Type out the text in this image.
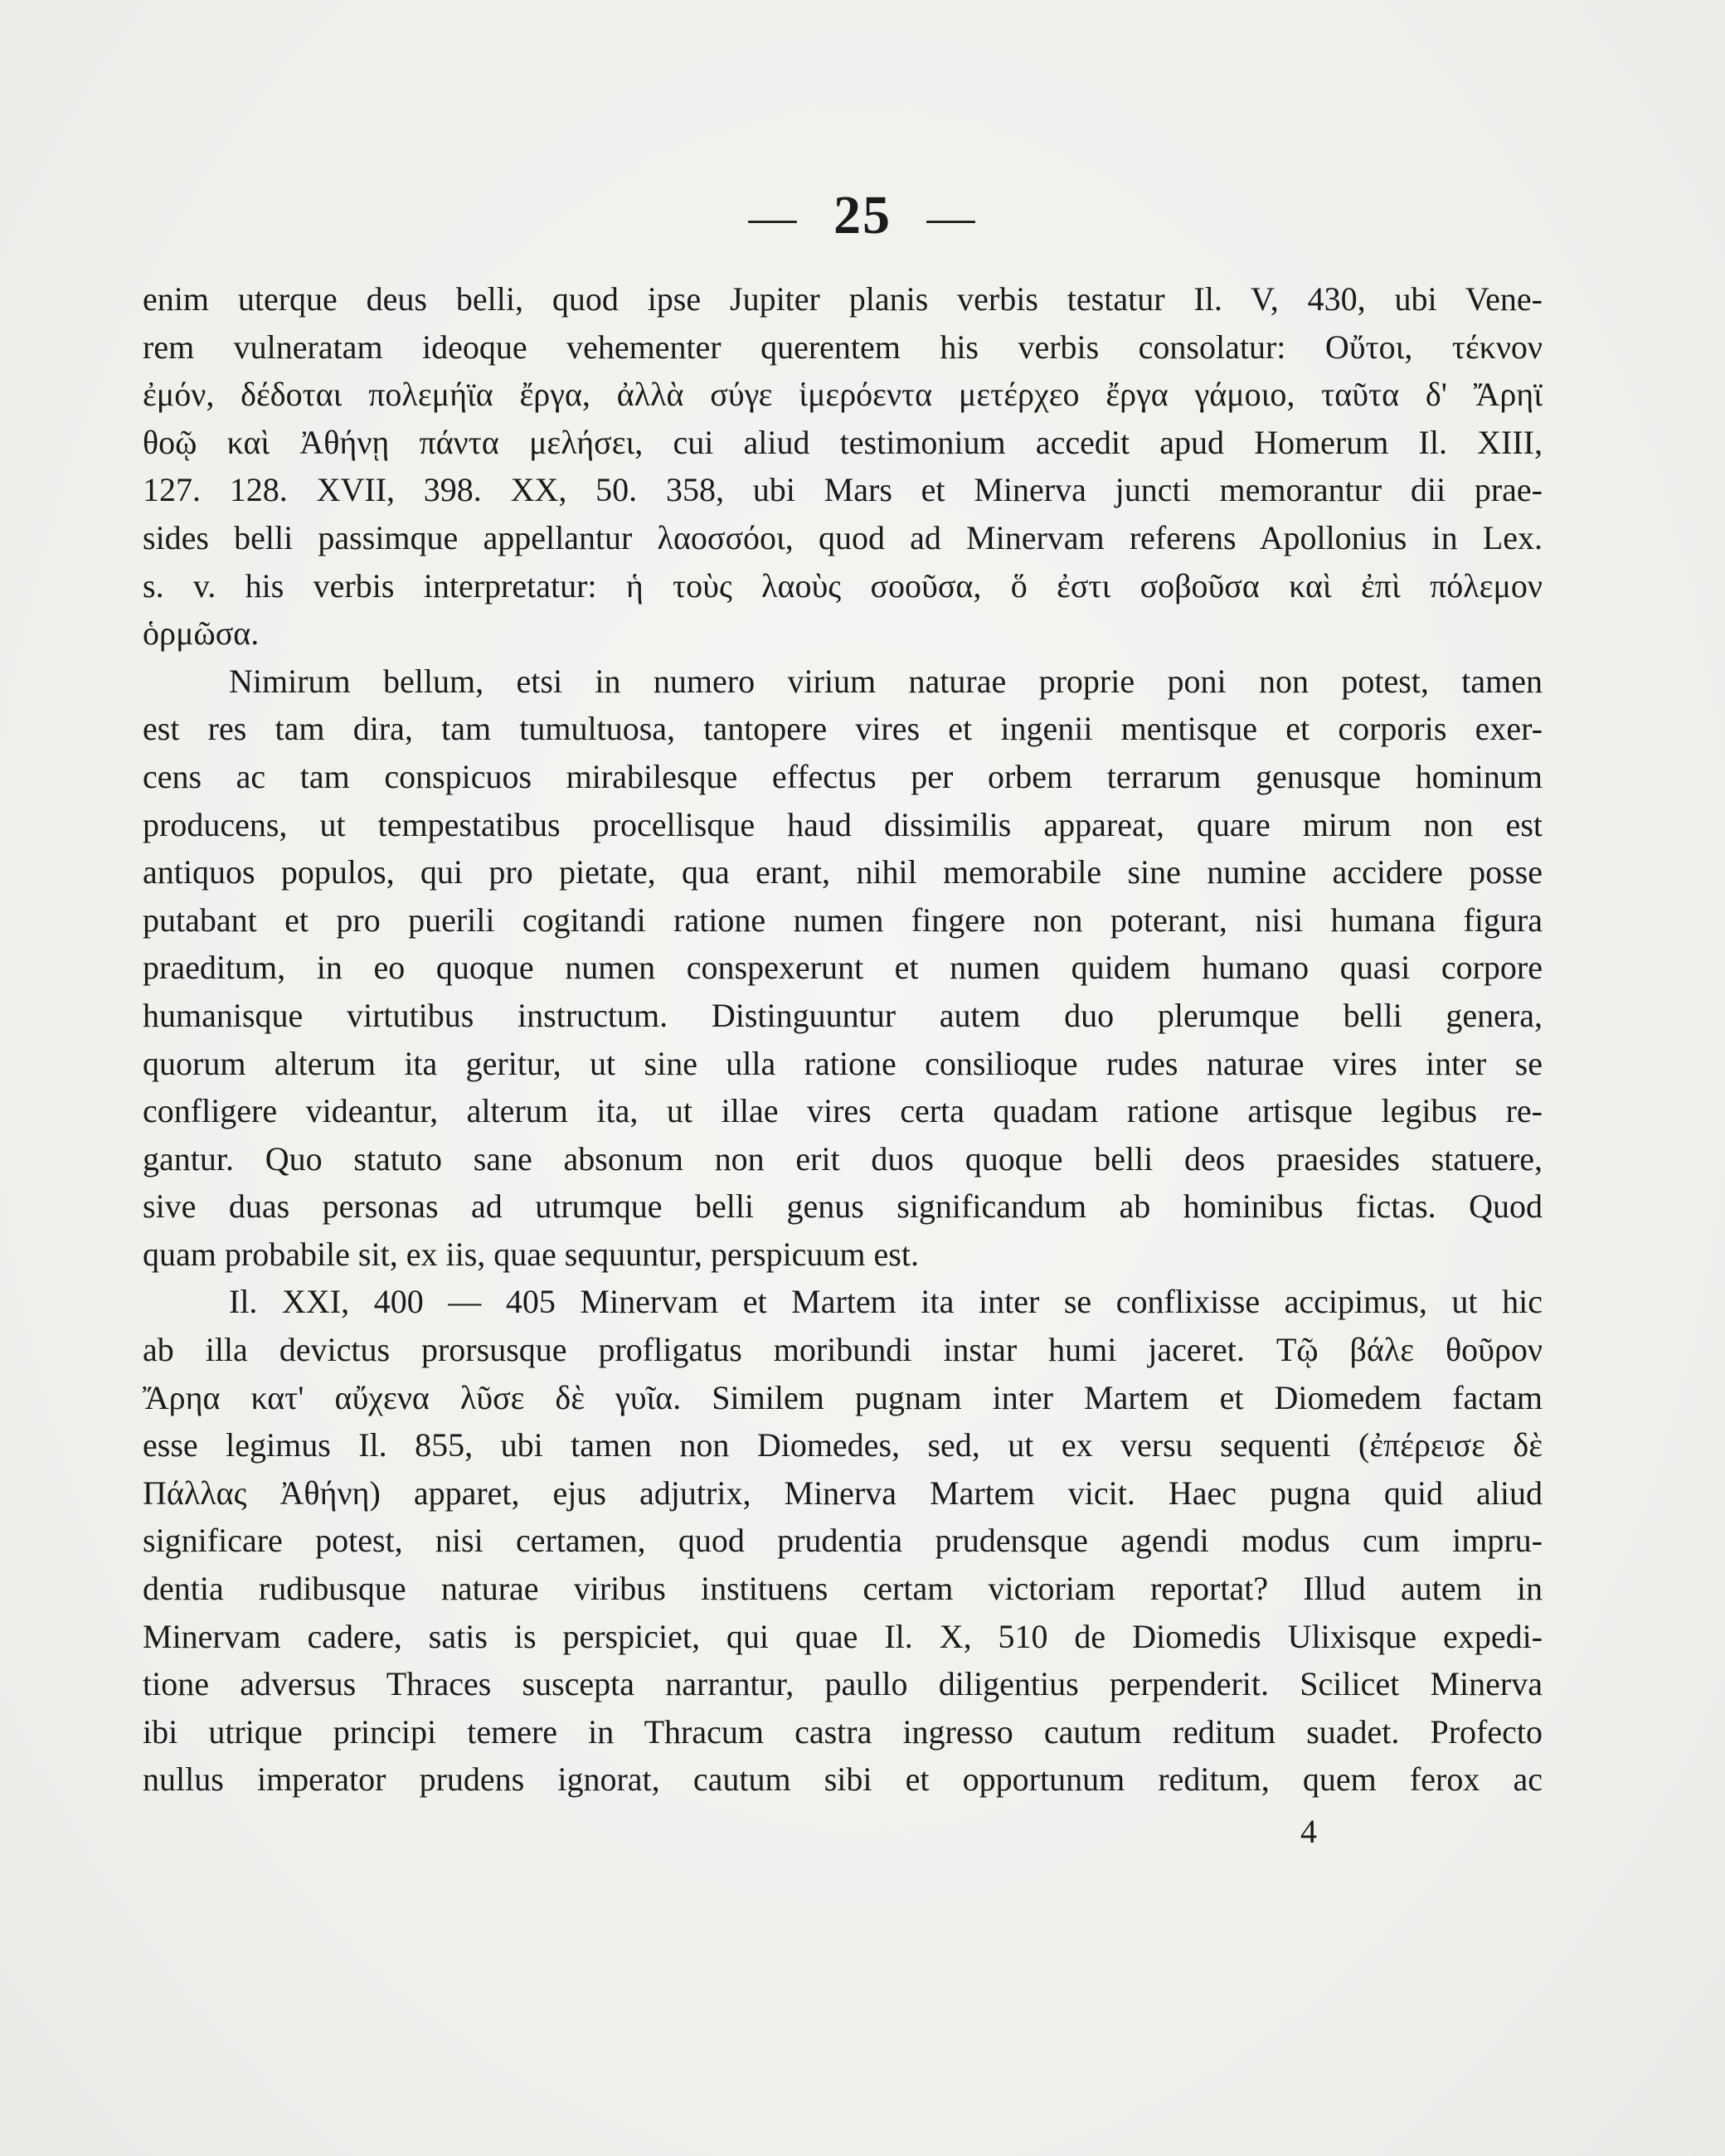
— 25 —
enim uterque deus belli, quod ipse Jupiter planis verbis testatur Il. V, 430, ubi Vene-
rem vulneratam ideoque vehementer querentem his verbis consolatur: Οὔτοι, τέκνον
ἐμόν, δέδοται πολεμήϊα ἔργα, ἀλλὰ σύγε ἱμερόεντα μετέρχεο ἔργα γάμοιο, ταῦτα δ' Ἄρηϊ
θοῷ καὶ Ἀθήνῃ πάντα μελήσει, cui aliud testimonium accedit apud Homerum Il. XIII,
127. 128. XVII, 398. XX, 50. 358, ubi Mars et Minerva juncti memorantur dii prae-
sides belli passimque appellantur λαοσσόοι, quod ad Minervam referens Apollonius in Lex.
s. v. his verbis interpretatur: ἡ τοὺς λαοὺς σοοῦσα, ὅ ἐστι σοβοῦσα καὶ ἐπὶ πόλεμον
ὁρμῶσα.
Nimirum bellum, etsi in numero virium naturae proprie poni non potest, tamen
est res tam dira, tam tumultuosa, tantopere vires et ingenii mentisque et corporis exer-
cens ac tam conspicuos mirabilesque effectus per orbem terrarum genusque hominum
producens, ut tempestatibus procellisque haud dissimilis appareat, quare mirum non est
antiquos populos, qui pro pietate, qua erant, nihil memorabile sine numine accidere posse
putabant et pro puerili cogitandi ratione numen fingere non poterant, nisi humana figura
praeditum, in eo quoque numen conspexerunt et numen quidem humano quasi corpore
humanisque virtutibus instructum. Distinguuntur autem duo plerumque belli genera,
quorum alterum ita geritur, ut sine ulla ratione consilioque rudes naturae vires inter se
confligere videantur, alterum ita, ut illae vires certa quadam ratione artisque legibus re-
gantur. Quo statuto sane absonum non erit duos quoque belli deos praesides statuere,
sive duas personas ad utrumque belli genus significandum ab hominibus fictas. Quod
quam probabile sit, ex iis, quae sequuntur, perspicuum est.
Il. XXI, 400 — 405 Minervam et Martem ita inter se conflixisse accipimus, ut hic
ab illa devictus prorsusque profligatus moribundi instar humi jaceret. Τῷ βάλε θοῦρον
Ἄρηα κατ' αὔχενα λῦσε δὲ γυῖα. Similem pugnam inter Martem et Diomedem factam
esse legimus Il. 855, ubi tamen non Diomedes, sed, ut ex versu sequenti (ἐπέρεισε δὲ
Πάλλας Ἀθήνη) apparet, ejus adjutrix, Minerva Martem vicit. Haec pugna quid aliud
significare potest, nisi certamen, quod prudentia prudensque agendi modus cum impru-
dentia rudibusque naturae viribus instituens certam victoriam reportat? Illud autem in
Minervam cadere, satis is perspiciet, qui quae Il. X, 510 de Diomedis Ulixisque expedi-
tione adversus Thraces suscepta narrantur, paullo diligentius perpenderit. Scilicet Minerva
ibi utrique principi temere in Thracum castra ingresso cautum reditum suadet. Profecto
nullus imperator prudens ignorat, cautum sibi et opportunum reditum, quem ferox ac
4
